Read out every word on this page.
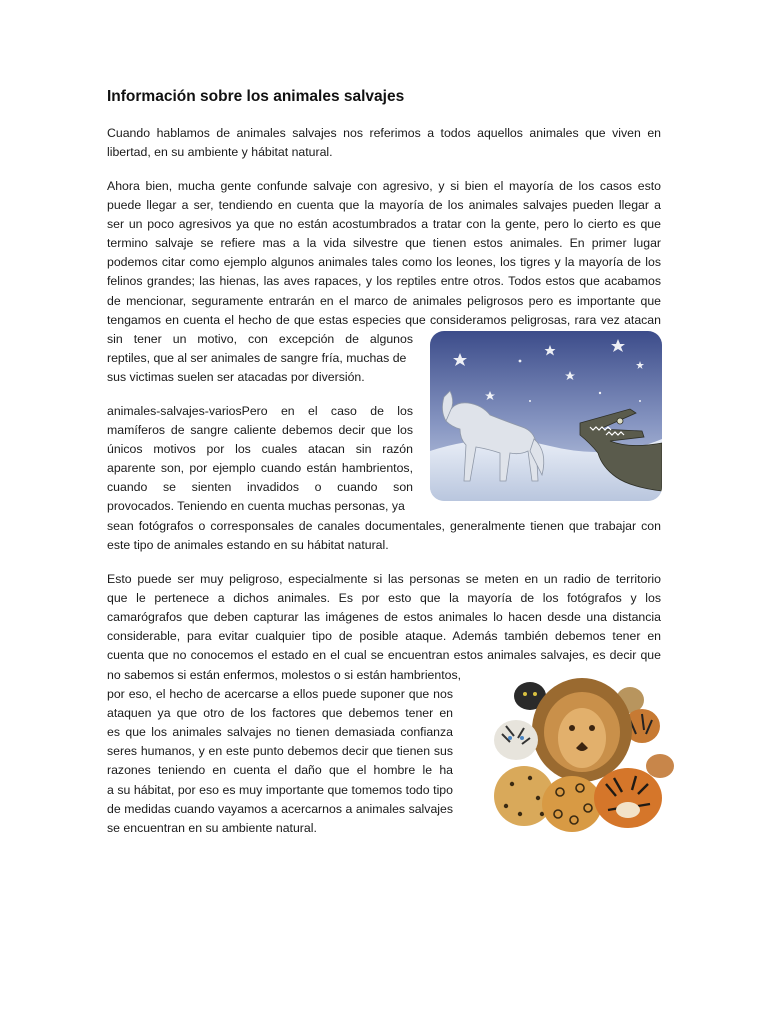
Información sobre los animales salvajes
Cuando hablamos de animales salvajes nos referimos a todos aquellos animales que viven en
libertad, en su ambiente y hábitat natural.
Ahora bien, mucha gente confunde salvaje con agresivo, y si bien el mayoría de los casos esto
puede llegar a ser, tendiendo en cuenta que la mayoría de los animales salvajes pueden llegar a
ser un poco agresivos ya que no están acostumbrados a tratar con la gente, pero lo cierto es que
termino salvaje se refiere mas a la vida silvestre que tienen estos animales. En primer lugar
podemos citar como ejemplo algunos animales tales como los leones, los tigres y la mayoría de los
felinos grandes; las hienas, las aves rapaces, y los reptiles entre otros. Todos estos que acabamos
de mencionar, seguramente entrarán en el marco de animales peligrosos pero es importante que
tengamos en cuenta el hecho de que estas especies que consideramos peligrosas, rara vez atacan
sin tener un motivo, con excepción de algunos
reptiles, que al ser animales de sangre fría, muchas de
sus victimas suelen ser atacadas por diversión.
animales-salvajes-variosPero en el caso de los
mamíferos de sangre caliente debemos decir que los
únicos motivos por los cuales atacan sin razón
aparente son, por ejemplo cuando están hambrientos,
cuando se sienten invadidos o cuando son
provocados. Teniendo en cuenta muchas personas, ya
sean fotógrafos o corresponsales de canales documentales, generalmente tienen que trabajar con
este tipo de animales estando en su hábitat natural.
Esto puede ser muy peligroso, especialmente si las personas se meten en un radio de territorio
que le pertenece a dichos animales. Es por esto que la mayoría de los fotógrafos y los
camarógrafos que deben capturar las imágenes de estos animales lo hacen desde una distancia
considerable, para evitar cualquier tipo de posible ataque. Además también debemos tener en
cuenta que no conocemos el estado en el cual se encuentran estos animales salvajes, es decir que
no sabemos si están enfermos, molestos o si están hambrientos,
por eso, el hecho de acercarse a ellos puede suponer que nos
ataquen ya que otro de los factores que debemos tener en
es que los animales salvajes no tienen demasiada confianza
seres humanos, y en este punto debemos decir que tienen sus
razones teniendo en cuenta el daño que el hombre le ha
a su hábitat, por eso es muy importante que tomemos todo tipo
de medidas cuando vayamos a acercarnos a animales salvajes
se encuentran en su ambiente natural.
